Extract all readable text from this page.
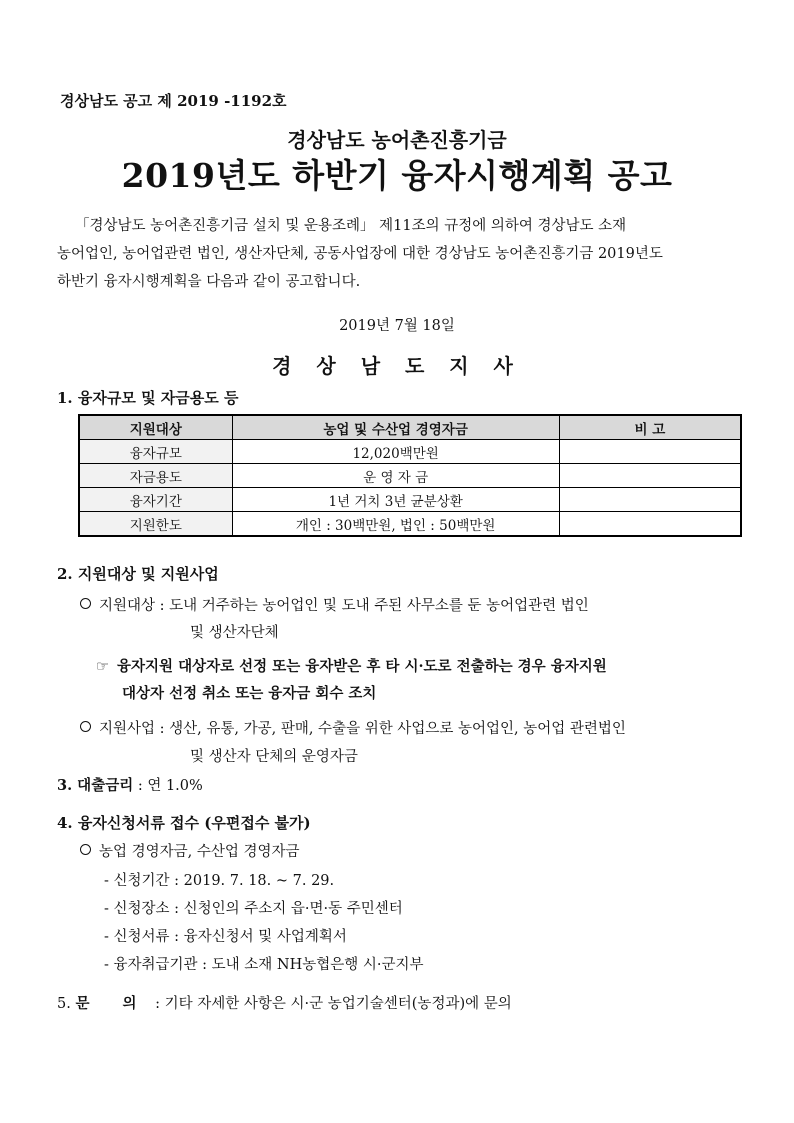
경상남도 공고 제 2019 -1192호
경상남도 농어촌진흥기금
2019년도 하반기 융자시행계획 공고
「경상남도 농어촌진흥기금 설치 및 운용조례」 제11조의 규정에 의하여 경상남도 소재
농어업인, 농어업관련 법인, 생산자단체, 공동사업장에 대한 경상남도 농어촌진흥기금 2019년도
하반기 융자시행계획을 다음과 같이 공고합니다.
2019년 7월 18일
경 상 남 도 지 사
1. 융자규모 및 자금용도 등
지원대상	농업 및 수산업 경영자금	비 고
융자규모	12,020백만원	
자금용도	운 영 자 금	
융자기간	1년 거치 3년 균분상환	
지원한도	개인 : 30백만원, 법인 : 50백만원	
2. 지원대상 및 지원사업
지원대상 : 도내 거주하는 농어업인 및 도내 주된 사무소를 둔 농어업관련 법인
및 생산자단체
☞ 융자지원 대상자로 선정 또는 융자받은 후 타 시·도로 전출하는 경우 융자지원
대상자 선정 취소 또는 융자금 회수 조치
지원사업 : 생산, 유통, 가공, 판매, 수출을 위한 사업으로 농어업인, 농어업 관련법인
및 생산자 단체의 운영자금
3. 대출금리 : 연 1.0%
4. 융자신청서류 접수 (우편접수 불가)
농업 경영자금, 수산업 경영자금
- 신청기간 : 2019. 7. 18. ~ 7. 29.
- 신청장소 : 신청인의 주소지 읍·면·동 주민센터
- 신청서류 : 융자신청서 및 사업계획서
- 융자취급기관 : 도내 소재 NH농협은행 시·군지부
5. 문 의 : 기타 자세한 사항은 시·군 농업기술센터(농정과)에 문의
